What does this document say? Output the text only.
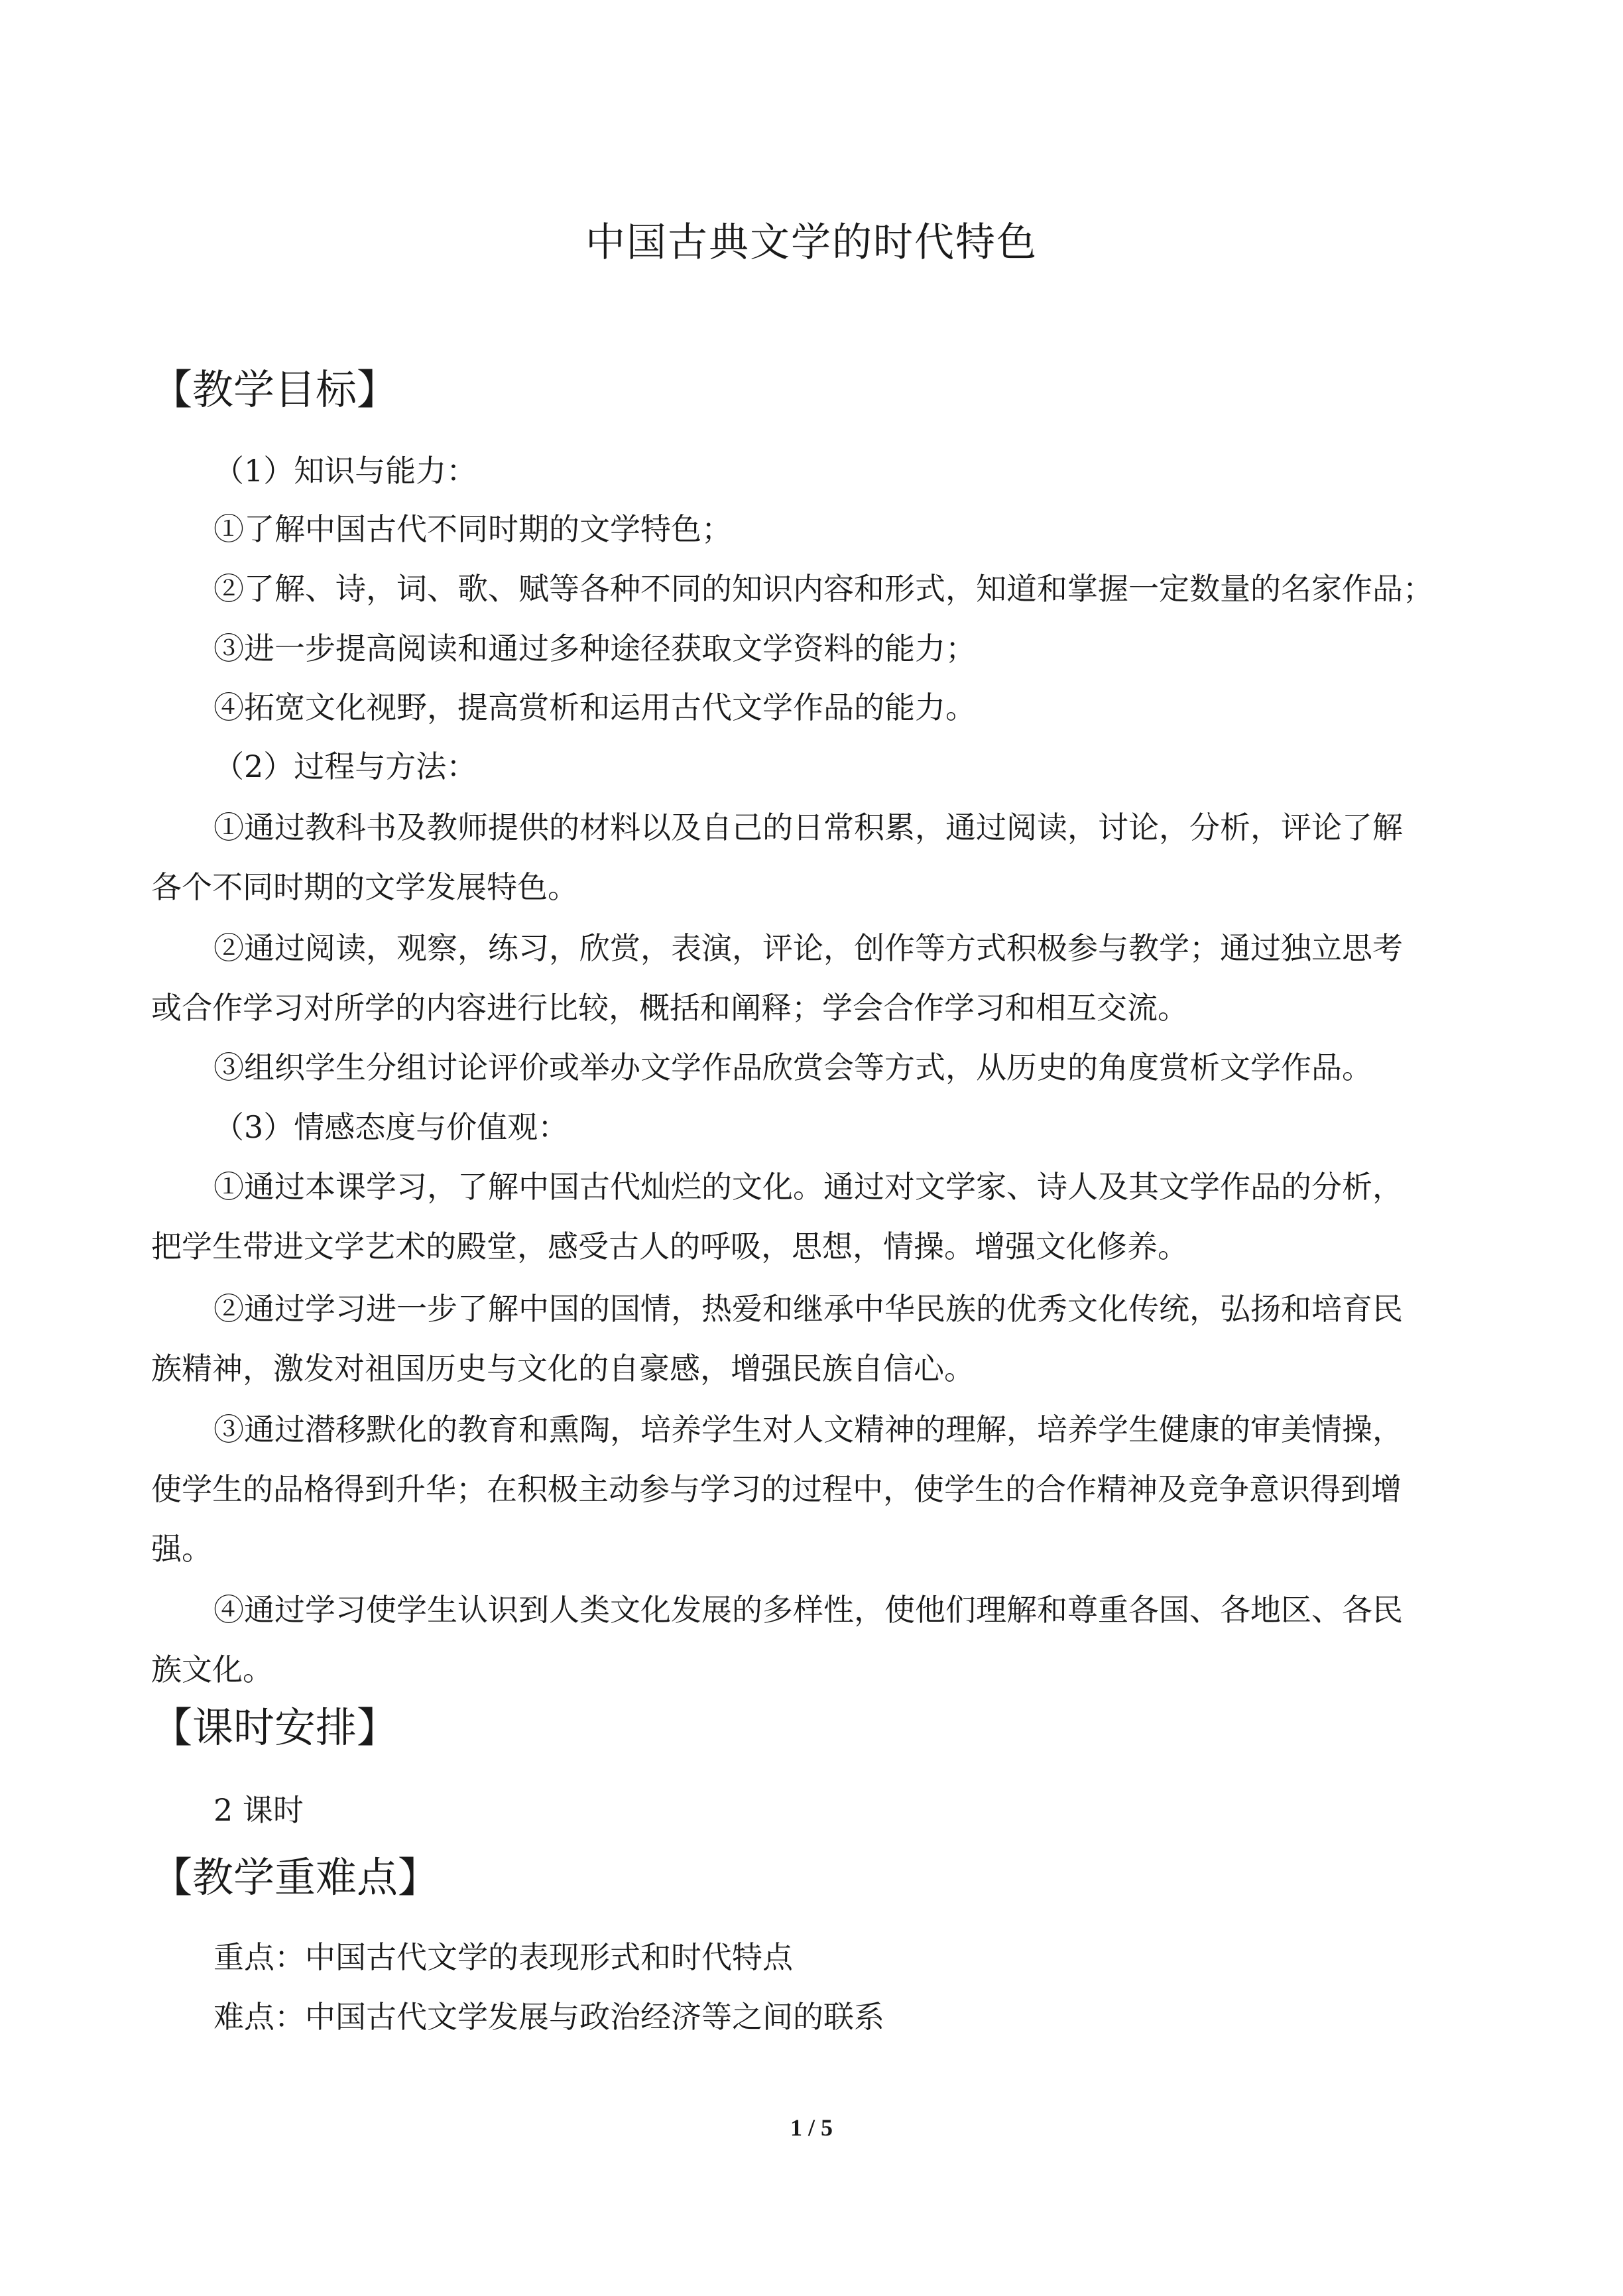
中国古典文学的时代特色
【教学目标】

（1）知识与能力：

①了解中国古代不同时期的文学特色；

②了解、诗，词、歌、赋等各种不同的知识内容和形式，知道和掌握一定数量的名家作品；

③进一步提高阅读和通过多种途径获取文学资料的能力；

④拓宽文化视野，提高赏析和运用古代文学作品的能力。

（2）过程与方法：

①通过教科书及教师提供的材料以及自己的日常积累，通过阅读，讨论，分析，评论了解

各个不同时期的文学发展特色。

②通过阅读，观察，练习，欣赏，表演，评论，创作等方式积极参与教学；通过独立思考

或合作学习对所学的内容进行比较，概括和阐释；学会合作学习和相互交流。

③组织学生分组讨论评价或举办文学作品欣赏会等方式，从历史的角度赏析文学作品。

（3）情感态度与价值观：

①通过本课学习，了解中国古代灿烂的文化。通过对文学家、诗人及其文学作品的分析，

把学生带进文学艺术的殿堂，感受古人的呼吸，思想，情操。增强文化修养。

②通过学习进一步了解中国的国情，热爱和继承中华民族的优秀文化传统，弘扬和培育民

族精神，激发对祖国历史与文化的自豪感，增强民族自信心。

③通过潜移默化的教育和熏陶，培养学生对人文精神的理解，培养学生健康的审美情操，

使学生的品格得到升华；在积极主动参与学习的过程中，使学生的合作精神及竞争意识得到增

强。

④通过学习使学生认识到人类文化发展的多样性，使他们理解和尊重各国、各地区、各民

族文化。

【课时安排】

2 课时

【教学重难点】

重点：中国古代文学的表现形式和时代特点

难点：中国古代文学发展与政治经济等之间的联系

1 / 5
